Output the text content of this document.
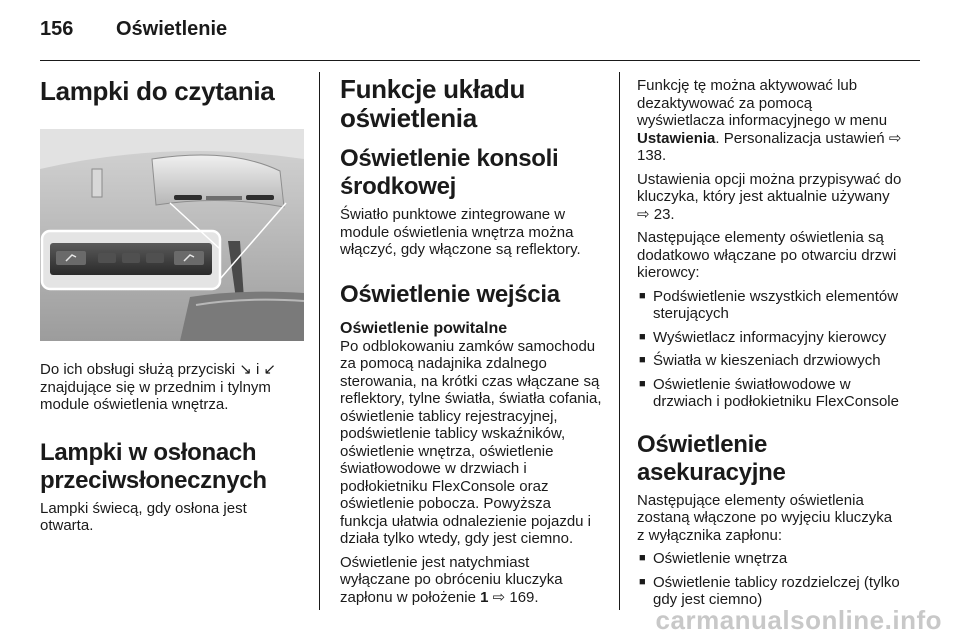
156	Oświetlenie
Lampki do czytania

Do ich obsługi służą przyciski ↘ i ↙ znajdujące się w przednim i tylnym module oświetlenia wnętrza.

Lampki w osłonach przeciwsłonecznych

Lampki świecą, gdy osłona jest otwarta.

Funkcje układu oświetlenia
Oświetlenie konsoli środkowej

Światło punktowe zintegrowane w module oświetlenia wnętrza można włączyć, gdy włączone są reflektory.

Oświetlenie wejścia
Oświetlenie powitalne

Po odblokowaniu zamków samochodu za pomocą nadajnika zdalnego sterowania, na krótki czas włączane są reflektory, tylne światła, światła cofania, oświetlenie tablicy rejestracyjnej, podświetlenie tablicy wskaźników, oświetlenie wnętrza, oświetlenie światłowodowe w drzwiach i podłokietniku FlexConsole oraz oświetlenie pobocza. Powyższa funkcja ułatwia odnalezienie pojazdu i działa tylko wtedy, gdy jest ciemno.

Oświetlenie jest natychmiast wyłączane po obróceniu kluczyka zapłonu w położenie 1 ⇨ 169.

Funkcję tę można aktywować lub dezaktywować za pomocą wyświetlacza informacyjnego w menu Ustawienia. Personalizacja ustawień ⇨ 138.

Ustawienia opcji można przypisywać do kluczyka, który jest aktualnie używany ⇨ 23.

Następujące elementy oświetlenia są dodatkowo włączane po otwarciu drzwi kierowcy:

■ Podświetlenie wszystkich elementów sterujących
■ Wyświetlacz informacyjny kierowcy
■ Światła w kieszeniach drzwiowych
■ Oświetlenie światłowodowe w drzwiach i podłokietniku FlexConsole
Oświetlenie asekuracyjne

Następujące elementy oświetlenia zostaną włączone po wyjęciu kluczyka z wyłącznika zapłonu:

■ Oświetlenie wnętrza
■ Oświetlenie tablicy rozdzielczej (tylko gdy jest ciemno)
carmanualsonline.info
